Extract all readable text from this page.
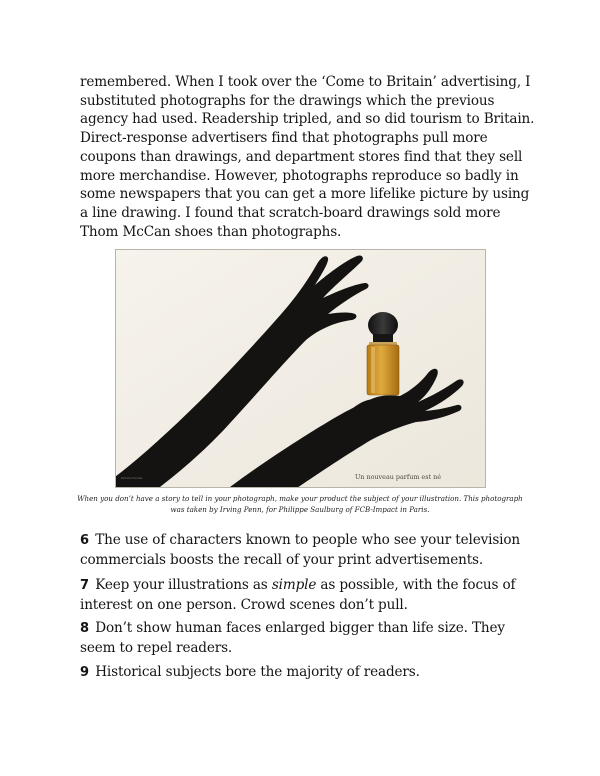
remembered. When I took over the ‘Come to Britain’ advertising, I substituted photographs for the drawings which the previous agency had used. Readership tripled, and so did tourism to Britain. Direct-response advertisers find that photographs pull more coupons than drawings, and department stores find that they sell more merchandise. However, photographs reproduce so badly in some newspapers that you can get a more lifelike picture by using a line drawing. I found that scratch-board drawings sold more Thom McCan shoes than photographs.

Parfums Hermès	Un nouveau parfum est né

When you don’t have a story to tell in your photograph, make your product the subject of your illustration. This photograph was taken by Irving Penn, for Philippe Saulburg of FCB-Impact in Paris.

6 The use of characters known to people who see your television commercials boosts the recall of your print advertisements.

7 Keep your illustrations as simple as possible, with the focus of interest on one person. Crowd scenes don’t pull.

8 Don’t show human faces enlarged bigger than life size. They seem to repel readers.

9 Historical subjects bore the majority of readers.
